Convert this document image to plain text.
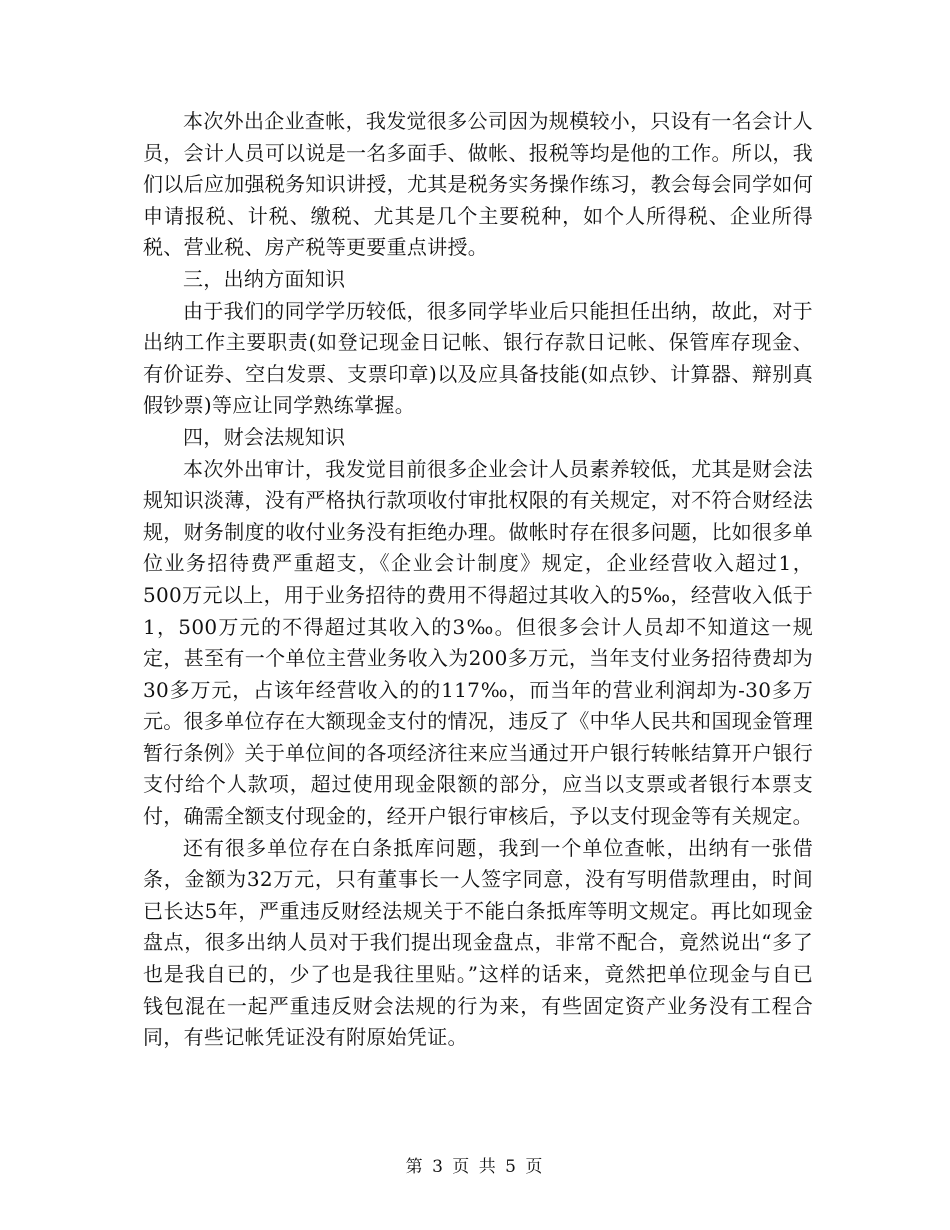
本次外出企业查帐，我发觉很多公司因为规模较小，只设有一名会计人员，会计人员可以说是一名多面手、做帐、报税等均是他的工作。所以，我们以后应加强税务知识讲授，尤其是税务实务操作练习，教会每会同学如何申请报税、计税、缴税、尤其是几个主要税种，如个人所得税、企业所得税、营业税、房产税等更要重点讲授。

三，出纳方面知识

由于我们的同学学历较低，很多同学毕业后只能担任出纳，故此，对于出纳工作主要职责(如登记现金日记帐、银行存款日记帐、保管库存现金、有价证券、空白发票、支票印章)以及应具备技能(如点钞、计算器、辩别真假钞票)等应让同学熟练掌握。

四，财会法规知识

本次外出审计，我发觉目前很多企业会计人员素养较低，尤其是财会法规知识淡薄，没有严格执行款项收付审批权限的有关规定，对不符合财经法规，财务制度的收付业务没有拒绝办理。做帐时存在很多问题，比如很多单位业务招待费严重超支，《企业会计制度》规定，企业经营收入超过1，500万元以上，用于业务招待的费用不得超过其收入的5‰，经营收入低于1，500万元的不得超过其收入的3‰。但很多会计人员却不知道这一规定，甚至有一个单位主营业务收入为200多万元，当年支付业务招待费却为30多万元，占该年经营收入的的117‰，而当年的营业利润却为-30多万元。很多单位存在大额现金支付的情况，违反了《中华人民共和国现金管理暂行条例》关于单位间的各项经济往来应当通过开户银行转帐结算开户银行支付给个人款项，超过使用现金限额的部分，应当以支票或者银行本票支付，确需全额支付现金的，经开户银行审核后，予以支付现金等有关规定。

还有很多单位存在白条抵库问题，我到一个单位查帐，出纳有一张借条，金额为32万元，只有董事长一人签字同意，没有写明借款理由，时间已长达5年，严重违反财经法规关于不能白条抵库等明文规定。再比如现金盘点，很多出纳人员对于我们提出现金盘点，非常不配合，竟然说出“多了也是我自已的，少了也是我往里贴。”这样的话来，竟然把单位现金与自已钱包混在一起严重违反财会法规的行为来，有些固定资产业务没有工程合同，有些记帐凭证没有附原始凭证。

第 3 页 共 5 页
